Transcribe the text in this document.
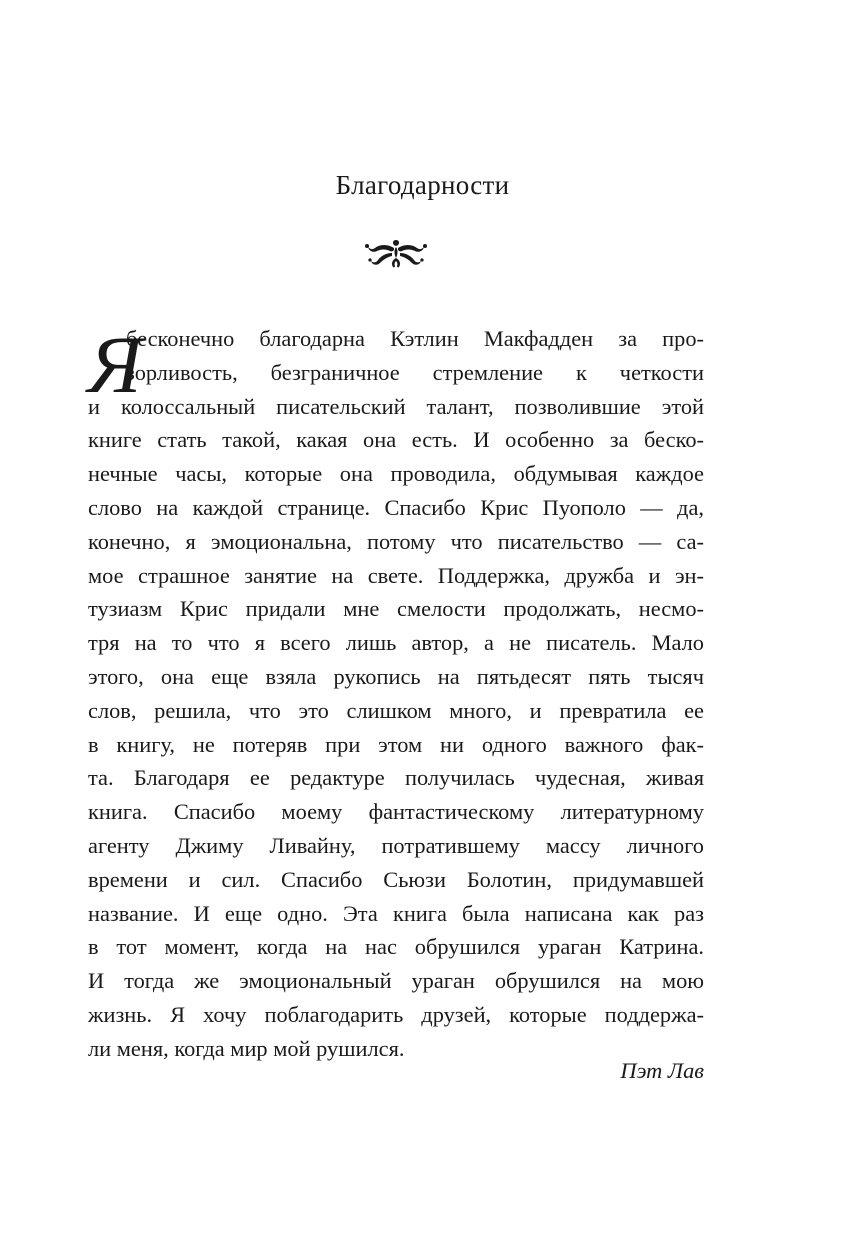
Благодарности
Я
бесконечно благодарна Кэтлин Макфадден за про-
зорливость, безграничное стремление к четкости
и колоссальный писательский талант, позволившие этой
книге стать такой, какая она есть. И особенно за беско-
нечные часы, которые она проводила, обдумывая каждое
слово на каждой странице. Спасибо Крис Пуополо — да,
конечно, я эмоциональна, потому что писательство — са-
мое страшное занятие на свете. Поддержка, дружба и эн-
тузиазм Крис придали мне смелости продолжать, несмо-
тря на то что я всего лишь автор, а не писатель. Мало
этого, она еще взяла рукопись на пятьдесят пять тысяч
слов, решила, что это слишком много, и превратила ее
в книгу, не потеряв при этом ни одного важного фак-
та. Благодаря ее редактуре получилась чудесная, живая
книга. Спасибо моему фантастическому литературному
агенту Джиму Ливайну, потратившему массу личного
времени и сил. Спасибо Сьюзи Болотин, придумавшей
название. И еще одно. Эта книга была написана как раз
в тот момент, когда на нас обрушился ураган Катрина.
И тогда же эмоциональный ураган обрушился на мою
жизнь. Я хочу поблагодарить друзей, которые поддержа-
ли меня, когда мир мой рушился.
Пэт Лав
